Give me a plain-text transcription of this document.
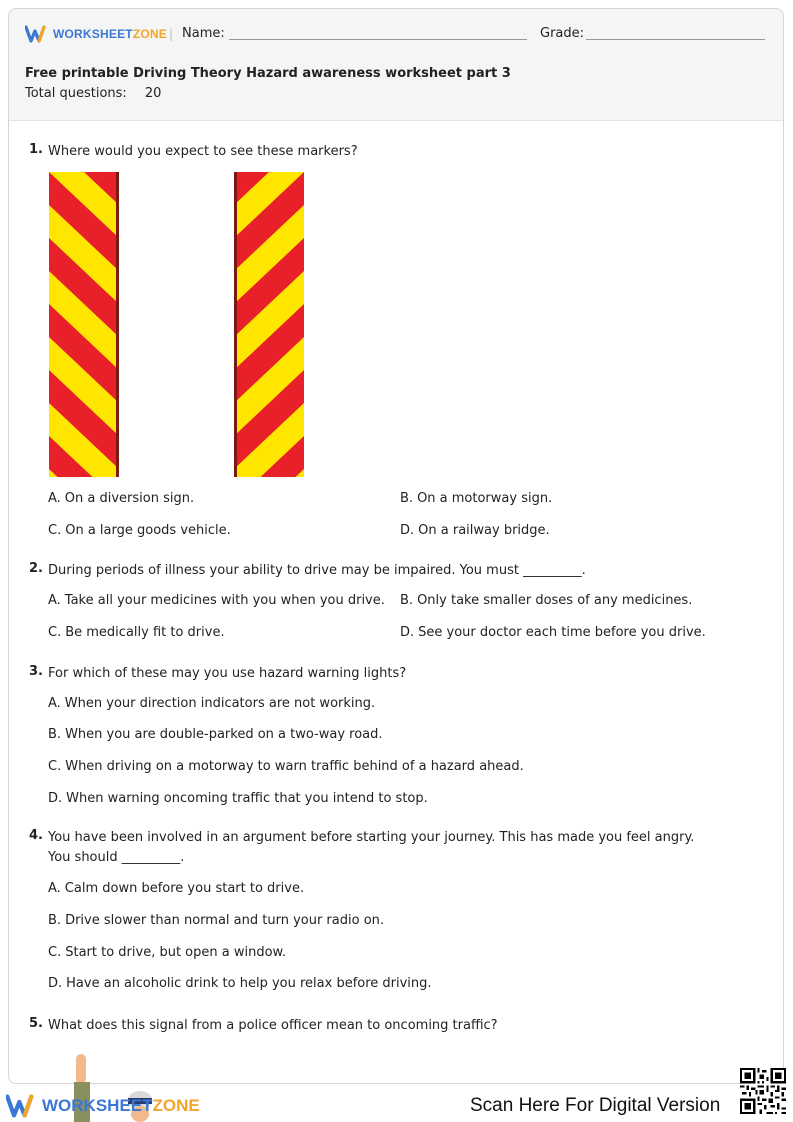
WORKSHEETZONE | Name:	Grade:
Free printable Driving Theory Hazard awareness worksheet part 3
Total questions: 20
1. Where would you expect to see these markers?
A. On a diversion sign.	B. On a motorway sign.
C. On a large goods vehicle.	D. On a railway bridge.
2. During periods of illness your ability to drive may be impaired. You must _________.
A. Take all your medicines with you when you drive. B. Only take smaller doses of any medicines.
C. Be medically fit to drive.	D. See your doctor each time before you drive.
3. For which of these may you use hazard warning lights?
A. When your direction indicators are not working.
B. When you are double-parked on a two-way road.
C. When driving on a motorway to warn traffic behind of a hazard ahead.
D. When warning oncoming traffic that you intend to stop.
4. You have been involved in an argument before starting your journey. This has made you feel angry. You should _________.
A. Calm down before you start to drive.
B. Drive slower than normal and turn your radio on.
C. Start to drive, but open a window.
D. Have an alcoholic drink to help you relax before driving.
5. What does this signal from a police officer mean to oncoming traffic?
WORKSHEETZONE	Scan Here For Digital Version
